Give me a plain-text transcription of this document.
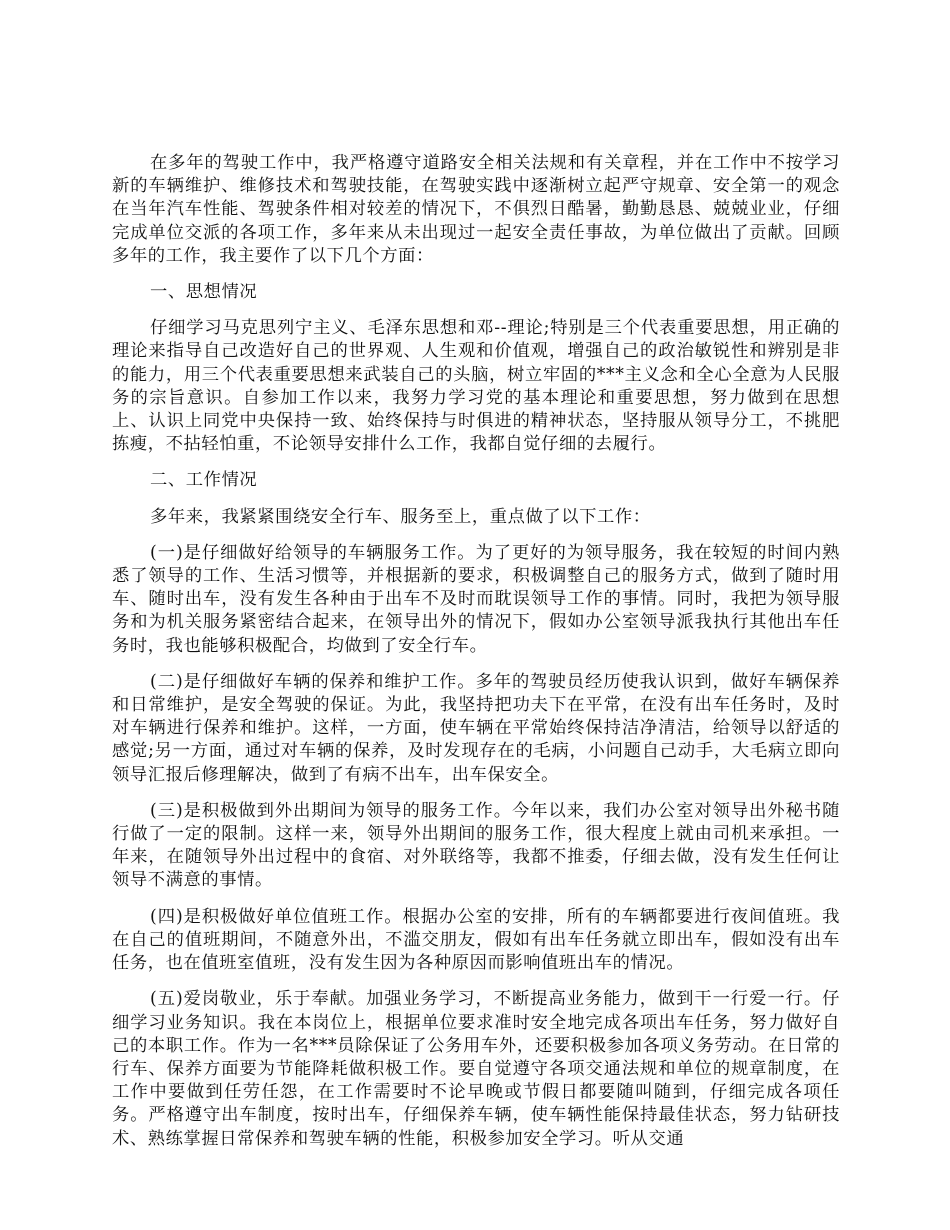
在多年的驾驶工作中，我严格遵守道路安全相关法规和有关章程，并在工作中不按学习新的车辆维护、维修技术和驾驶技能，在驾驶实践中逐渐树立起严守规章、安全第一的观念在当年汽车性能、驾驶条件相对较差的情况下，不俱烈日酷暑，勤勤恳恳、兢兢业业，仔细完成单位交派的各项工作，多年来从未出现过一起安全责任事故，为单位做出了贡献。回顾多年的工作，我主要作了以下几个方面：

一、思想情况

仔细学习马克思列宁主义、毛泽东思想和邓--理论;特别是三个代表重要思想，用正确的理论来指导自己改造好自己的世界观、人生观和价值观，增强自己的政治敏锐性和辨别是非的能力，用三个代表重要思想来武装自己的头脑，树立牢固的***主义念和全心全意为人民服务的宗旨意识。自参加工作以来，我努力学习党的基本理论和重要思想，努力做到在思想上、认识上同党中央保持一致、始终保持与时俱进的精神状态，坚持服从领导分工，不挑肥拣瘦，不拈轻怕重，不论领导安排什么工作，我都自觉仔细的去履行。

二、工作情况

多年来，我紧紧围绕安全行车、服务至上，重点做了以下工作：

(一)是仔细做好给领导的车辆服务工作。为了更好的为领导服务，我在较短的时间内熟悉了领导的工作、生活习惯等，并根据新的要求，积极调整自己的服务方式，做到了随时用车、随时出车，没有发生各种由于出车不及时而耽误领导工作的事情。同时，我把为领导服务和为机关服务紧密结合起来，在领导出外的情况下，假如办公室领导派我执行其他出车任务时，我也能够积极配合，均做到了安全行车。

(二)是仔细做好车辆的保养和维护工作。多年的驾驶员经历使我认识到，做好车辆保养和日常维护，是安全驾驶的保证。为此，我坚持把功夫下在平常，在没有出车任务时，及时对车辆进行保养和维护。这样，一方面，使车辆在平常始终保持洁净清洁，给领导以舒适的感觉;另一方面，通过对车辆的保养，及时发现存在的毛病，小问题自己动手，大毛病立即向领导汇报后修理解决，做到了有病不出车，出车保安全。

(三)是积极做到外出期间为领导的服务工作。今年以来，我们办公室对领导出外秘书随行做了一定的限制。这样一来，领导外出期间的服务工作，很大程度上就由司机来承担。一年来，在随领导外出过程中的食宿、对外联络等，我都不推委，仔细去做，没有发生任何让领导不满意的事情。

(四)是积极做好单位值班工作。根据办公室的安排，所有的车辆都要进行夜间值班。我在自己的值班期间，不随意外出，不滥交朋友，假如有出车任务就立即出车，假如没有出车任务，也在值班室值班，没有发生因为各种原因而影响值班出车的情况。

(五)爱岗敬业，乐于奉献。加强业务学习，不断提高业务能力，做到干一行爱一行。仔细学习业务知识。我在本岗位上，根据单位要求准时安全地完成各项出车任务，努力做好自己的本职工作。作为一名***员除保证了公务用车外，还要积极参加各项义务劳动。在日常的行车、保养方面要为节能降耗做积极工作。要自觉遵守各项交通法规和单位的规章制度，在工作中要做到任劳任怨，在工作需要时不论早晚或节假日都要随叫随到，仔细完成各项任务。严格遵守出车制度，按时出车，仔细保养车辆，使车辆性能保持最佳状态，努力钻研技术、熟练掌握日常保养和驾驶车辆的性能，积极参加安全学习。听从交通
